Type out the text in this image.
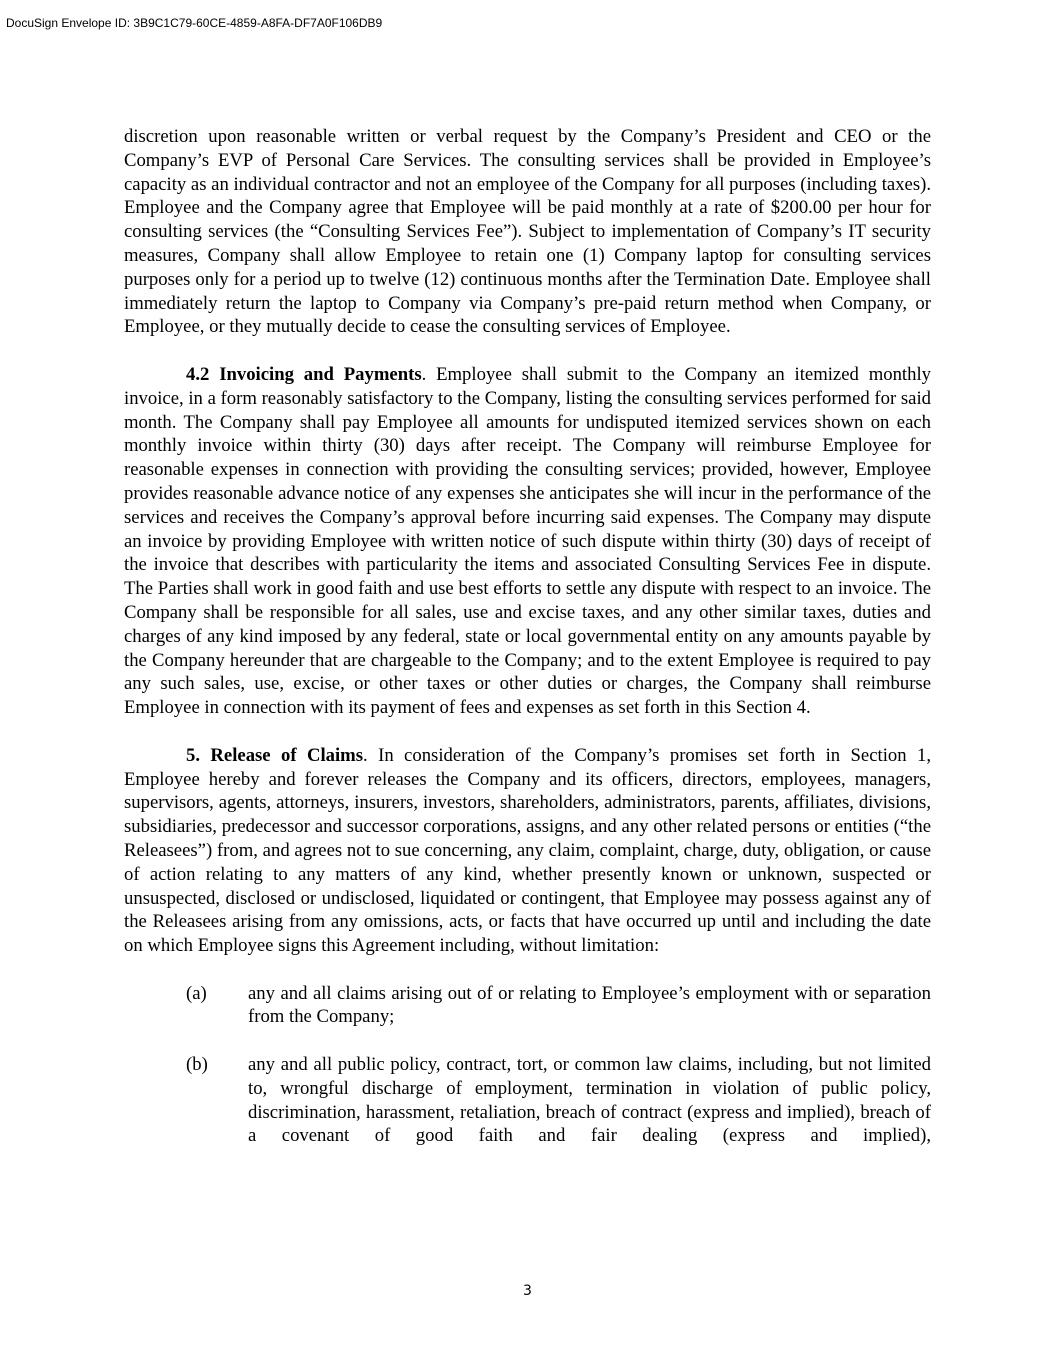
DocuSign Envelope ID: 3B9C1C79-60CE-4859-A8FA-DF7A0F106DB9

discretion upon reasonable written or verbal request by the Company’s President and CEO or the Company’s EVP of Personal Care Services. The consulting services shall be provided in Employee’s capacity as an individual contractor and not an employee of the Company for all purposes (including taxes). Employee and the Company agree that Employee will be paid monthly at a rate of $200.00 per hour for consulting services (the “Consulting Services Fee”). Subject to implementation of Company’s IT security measures, Company shall allow Employee to retain one (1) Company laptop for consulting services purposes only for a period up to twelve (12) continuous months after the Termination Date. Employee shall immediately return the laptop to Company via Company’s pre-paid return method when Company, or Employee, or they mutually decide to cease the consulting services of Employee.

4.2 Invoicing and Payments. Employee shall submit to the Company an itemized monthly invoice, in a form reasonably satisfactory to the Company, listing the consulting services performed for said month. The Company shall pay Employee all amounts for undisputed itemized services shown on each monthly invoice within thirty (30) days after receipt. The Company will reimburse Employee for reasonable expenses in connection with providing the consulting services; provided, however, Employee provides reasonable advance notice of any expenses she anticipates she will incur in the performance of the services and receives the Company’s approval before incurring said expenses. The Company may dispute an invoice by providing Employee with written notice of such dispute within thirty (30) days of receipt of the invoice that describes with particularity the items and associated Consulting Services Fee in dispute. The Parties shall work in good faith and use best efforts to settle any dispute with respect to an invoice. The Company shall be responsible for all sales, use and excise taxes, and any other similar taxes, duties and charges of any kind imposed by any federal, state or local governmental entity on any amounts payable by the Company hereunder that are chargeable to the Company; and to the extent Employee is required to pay any such sales, use, excise, or other taxes or other duties or charges, the Company shall reimburse Employee in connection with its payment of fees and expenses as set forth in this Section 4.

5. Release of Claims. In consideration of the Company’s promises set forth in Section 1, Employee hereby and forever releases the Company and its officers, directors, employees, managers, supervisors, agents, attorneys, insurers, investors, shareholders, administrators, parents, affiliates, divisions, subsidiaries, predecessor and successor corporations, assigns, and any other related persons or entities (“the Releasees”) from, and agrees not to sue concerning, any claim, complaint, charge, duty, obligation, or cause of action relating to any matters of any kind, whether presently known or unknown, suspected or unsuspected, disclosed or undisclosed, liquidated or contingent, that Employee may possess against any of the Releasees arising from any omissions, acts, or facts that have occurred up until and including the date on which Employee signs this Agreement including, without limitation:

(a)	any and all claims arising out of or relating to Employee’s employment with or separation from the Company;
(b)	any and all public policy, contract, tort, or common law claims, including, but not limited to, wrongful discharge of employment, termination in violation of public policy, discrimination, harassment, retaliation, breach of contract (express and implied), breach of a covenant of good faith and fair dealing (express and implied),
3
